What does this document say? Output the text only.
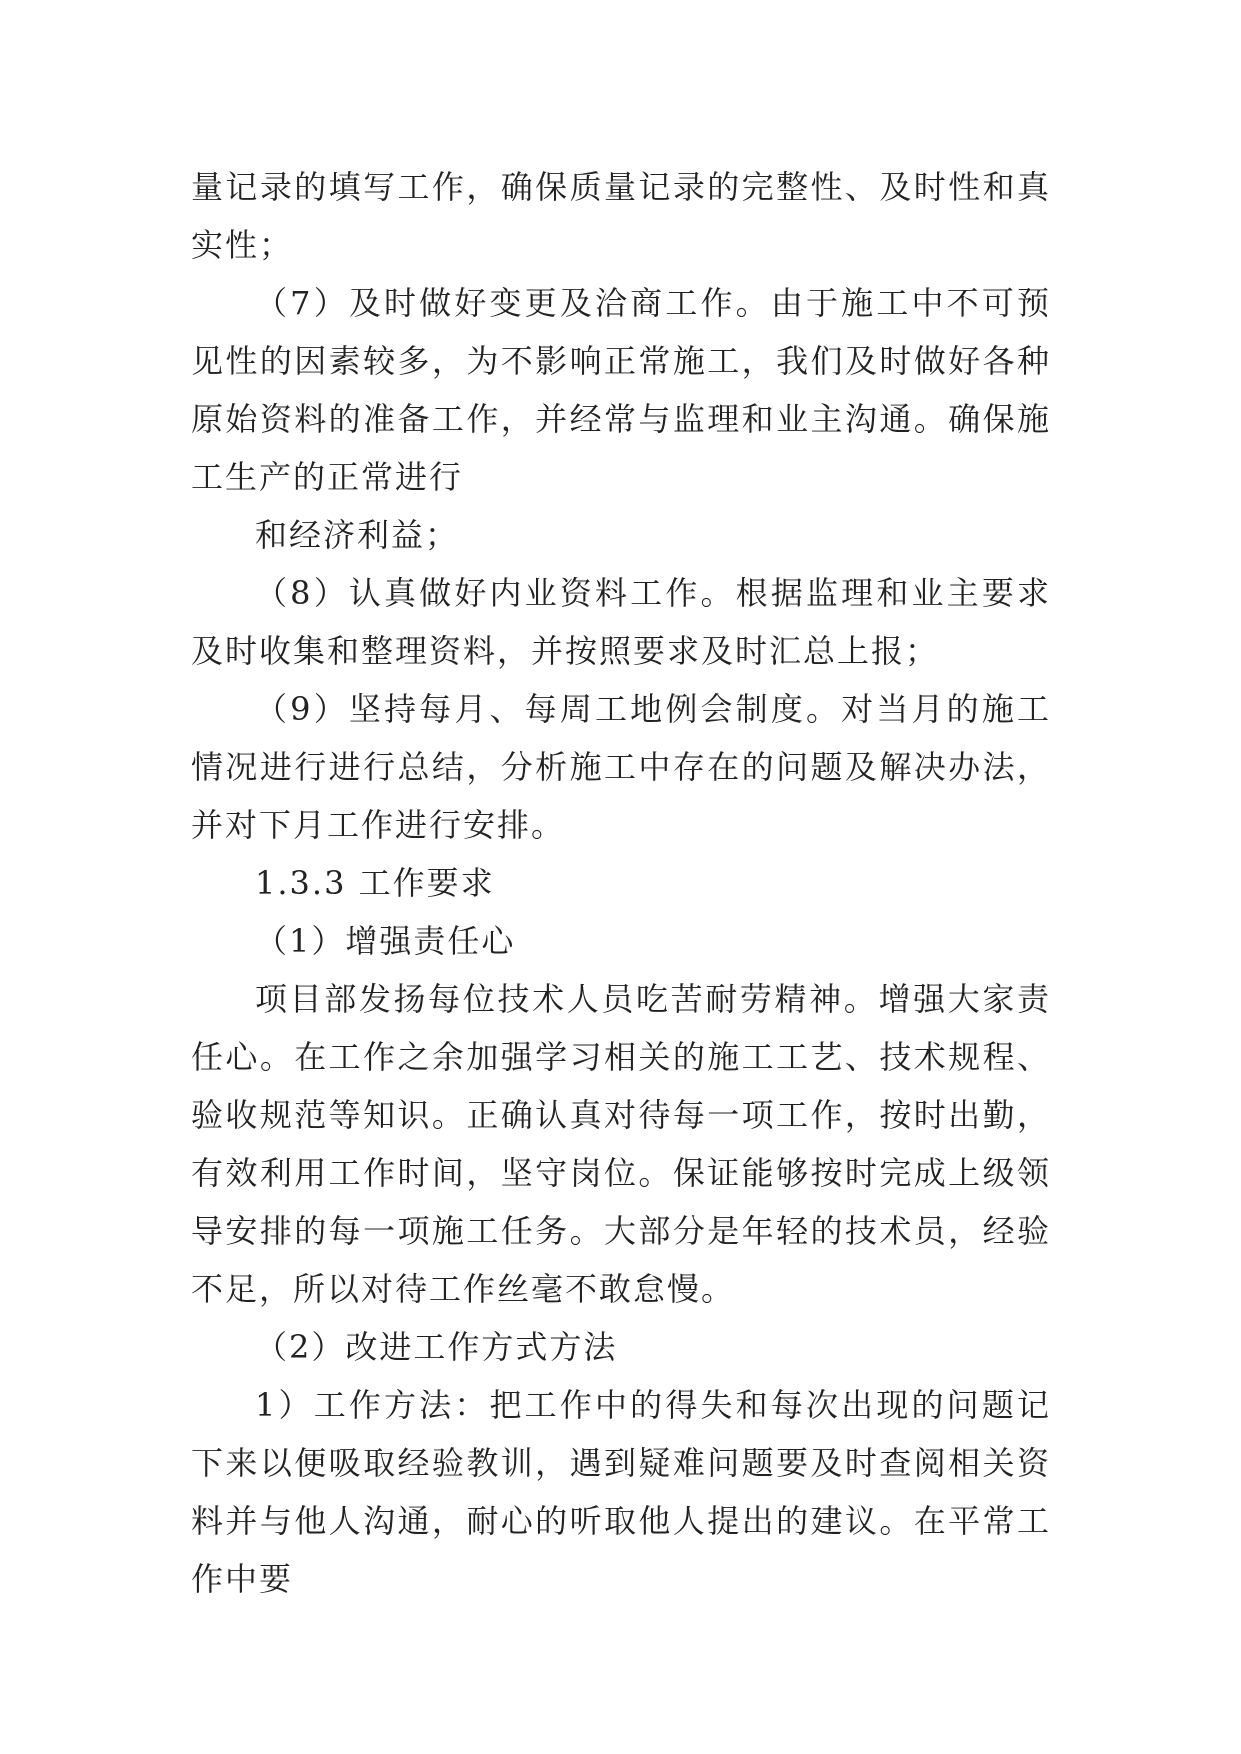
量记录的填写工作，确保质量记录的完整性、及时性和真实性；

（7）及时做好变更及洽商工作。由于施工中不可预见性的因素较多，为不影响正常施工，我们及时做好各种原始资料的准备工作，并经常与监理和业主沟通。确保施工生产的正常进行

和经济利益；

（8）认真做好内业资料工作。根据监理和业主要求及时收集和整理资料，并按照要求及时汇总上报；

（9）坚持每月、每周工地例会制度。对当月的施工情况进行进行总结，分析施工中存在的问题及解决办法，并对下月工作进行安排。

1.3.3 工作要求

（1）增强责任心

项目部发扬每位技术人员吃苦耐劳精神。增强大家责任心。在工作之余加强学习相关的施工工艺、技术规程、验收规范等知识。正确认真对待每一项工作，按时出勤，有效利用工作时间，坚守岗位。保证能够按时完成上级领导安排的每一项施工任务。大部分是年轻的技术员，经验不足，所以对待工作丝毫不敢怠慢。

（2）改进工作方式方法

1）工作方法：把工作中的得失和每次出现的问题记下来以便吸取经验教训，遇到疑难问题要及时查阅相关资料并与他人沟通，耐心的听取他人提出的建议。在平常工作中要
